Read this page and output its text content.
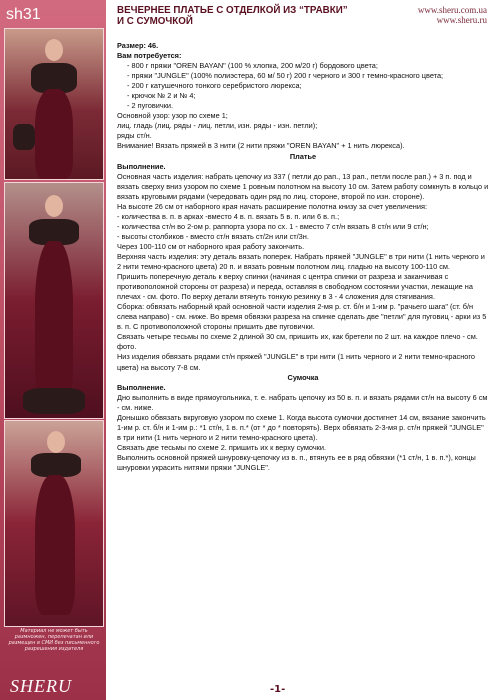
sh31
Материал не может быть размножен, перепечатан или размещен в СМИ без письменного разрешения издателя
SHERU
ВЕЧЕРНЕЕ ПЛАТЬЕ С ОТДЕЛКОЙ ИЗ “ТРАВКИ” И С СУМОЧКОЙ
www.sheru.com.ua
www.sheru.ru

Размер: 46.

Вам потребуется:

- 800 г пряжи "OREN BAYAN" (100 % хлопка, 200 м/20 г) бордового цвета;

- пряжи "JUNGLE" (100% полиэстера, 60 м/ 50 г) 200 г черного и 300 г темно-красного цвета;

- 200 г катушечного тонкого серебристого люрекса;

- крючок № 2 и № 4;

- 2 пуговички.

Основной узор: узор по схеме 1;

лиц. гладь (лиц. ряды - лиц. петли, изн. ряды - изн. петли);

ряды ст/н.

Внимание! Вязать пряжей в 3 нити (2 нити пряжи "OREN BAYAN" + 1 нить люрекса).

Платье

Выполнение.

Основная часть изделия: набрать цепочку из 337 ( петли до рап., 13 рап., петли после рап.) + 3 п. под и вязать сверху вниз узором по схеме 1 ровным полотном на высоту 10 см. Затем работу сомкнуть в кольцо и вязать круговыми рядами (чередовать один ряд по лиц. стороне, второй по изн. стороне).

На высоте 26 см от наборного края начать расширение полотна книзу за счет увеличения:

- количества в. п. в арках -вместо 4 в. п. вязать 5 в. п. или 6 в. п.;

- количества ст/н во 2-ом р. раппорта узора по сх. 1 - вместо 7 ст/н вязать 8 ст/н или 9 ст/н;

- высоты столбиков - вместо ст/н вязать ст/2н или ст/3н.

Через 100-110 см от наборного края работу закончить.

Верхняя часть изделия: эту деталь вязать поперек. Набрать пряжей "JUNGLE" в три нити (1 нить черного и 2 нити темно-красного цвета) 20 п. и вязать ровным полотном лиц. гладью на высоту 100-110 см.

Пришить поперечную деталь к верху спинки (начиная с центра спинки от разреза и заканчивая с противоположной стороны от разреза) и переда, оставляя в свободном состоянии участки, лежащие на плечах - см. фото. По верху детали втянуть тонкую резинку в 3 - 4 сложения для стягивания.

Сборка: обвязать наборный край основной части изделия 2-мя р. ст. б/н и 1-им р. "рачьего шага" (ст. б/н слева направо) - см. ниже. Во время обвязки разреза на спинке сделать две "петли" для пуговиц - арки из 5 в. п. С противоположной стороны пришить две пуговички.

Связать четыре тесьмы по схеме 2 длиной 30 см, пришить их, как бретели по 2 шт. на каждое плечо - см. фото.

Низ изделия обвязать рядами ст/н пряжей "JUNGLE" в три нити (1 нить черного и 2 нити темно-красного цвета) на высоту 7-8 см.

Сумочка

Выполнение.

Дно выполнить в виде прямоугольника, т. е. набрать цепочку из 50 в. п. и вязать рядами ст/н на высоту 6 см - см. ниже.

Донышко обвязать вкруговую узором по схеме 1. Когда высота сумочки достигнет 14 см, вязание закончить 1-им р. ст. б/н и 1-им р.: *1 ст/н, 1 в. п.* (от * до * повторять). Верх обвязать 2-3-мя р. ст/н пряжей "JUNGLE" в три нити (1 нить черного и 2 нити темно-красного цвета).

Связать две тесьмы по схеме 2. пришить их к верху сумочки.

Выполнить основной пряжей шнуровку-цепочку из в. п., втянуть ее в ряд обвязки (*1 ст/н, 1 в. п.*), концы шнуровки украсить нитями пряжи "JUNGLE".

-1-
